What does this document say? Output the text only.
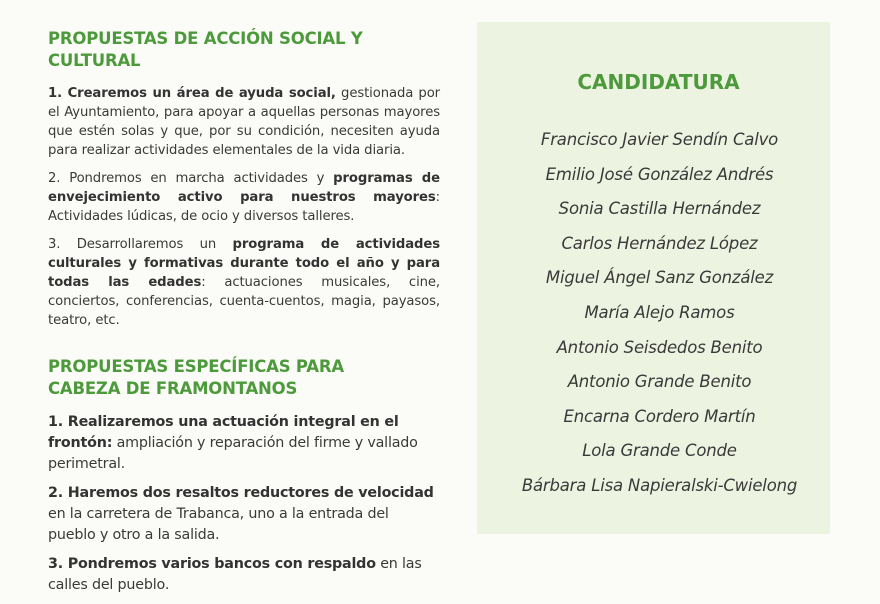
PROPUESTAS DE ACCIÓN SOCIAL Y CULTURAL

1. Crearemos un área de ayuda social, gestionada por el Ayuntamiento, para apoyar a aquellas personas mayores que estén solas y que, por su condición, necesiten ayuda para realizar actividades elementales de la vida diaria.

2. Pondremos en marcha actividades y programas de envejecimiento activo para nuestros mayores: Actividades lúdicas, de ocio y diversos talleres.

3. Desarrollaremos un programa de actividades culturales y formativas durante todo el año y para todas las edades: actuaciones musicales, cine, conciertos, conferencias, cuenta-cuentos, magia, payasos, teatro, etc.

PROPUESTAS ESPECÍFICAS PARA
CABEZA DE FRAMONTANOS

1. Realizaremos una actuación integral en el frontón: ampliación y reparación del firme y vallado perimetral.

2. Haremos dos resaltos reductores de velocidad en la carretera de Trabanca, uno a la entrada del pueblo y otro a la salida.

3. Pondremos varios bancos con respaldo en las calles del pueblo.

CANDIDATURA
Francisco Javier Sendín Calvo
Emilio José González Andrés
Sonia Castilla Hernández
Carlos Hernández López
Miguel Ángel Sanz González
María Alejo Ramos
Antonio Seisdedos Benito
Antonio Grande Benito
Encarna Cordero Martín
Lola Grande Conde
Bárbara Lisa Napieralski-Cwielong
